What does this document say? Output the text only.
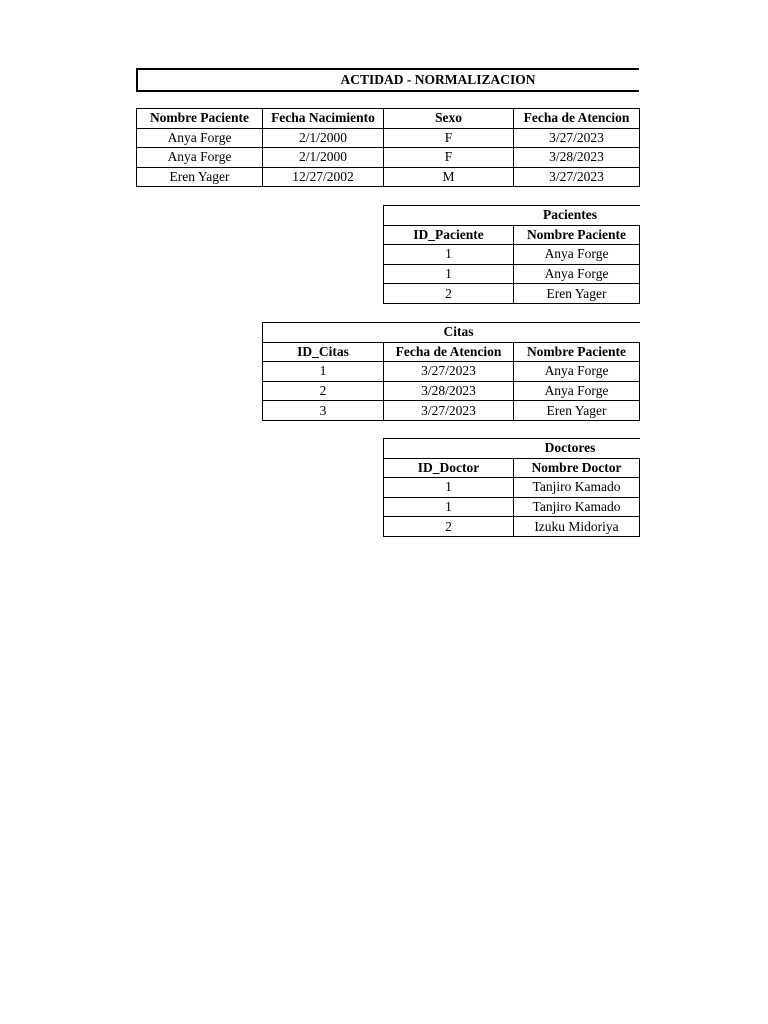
ACTIDAD - NORMALIZACION
Nombre Paciente	Fecha Nacimiento	Sexo	Fecha de Atencion	
Anya Forge	2/1/2000	F	3/27/2023	
Anya Forge	2/1/2000	F	3/28/2023	
Eren Yager	12/27/2002	M	3/27/2023	
Pacientes		
ID_Paciente	Nombre Paciente	
1	Anya Forge	
1	Anya Forge	
2	Eren Yager	
Citas			
ID_Citas	Fecha de Atencion	Nombre Paciente	
1	3/27/2023	Anya Forge	
2	3/28/2023	Anya Forge	
3	3/27/2023	Eren Yager	
Doctores		
ID_Doctor	Nombre Doctor	
1	Tanjiro Kamado	
1	Tanjiro Kamado	
2	Izuku Midoriya	
